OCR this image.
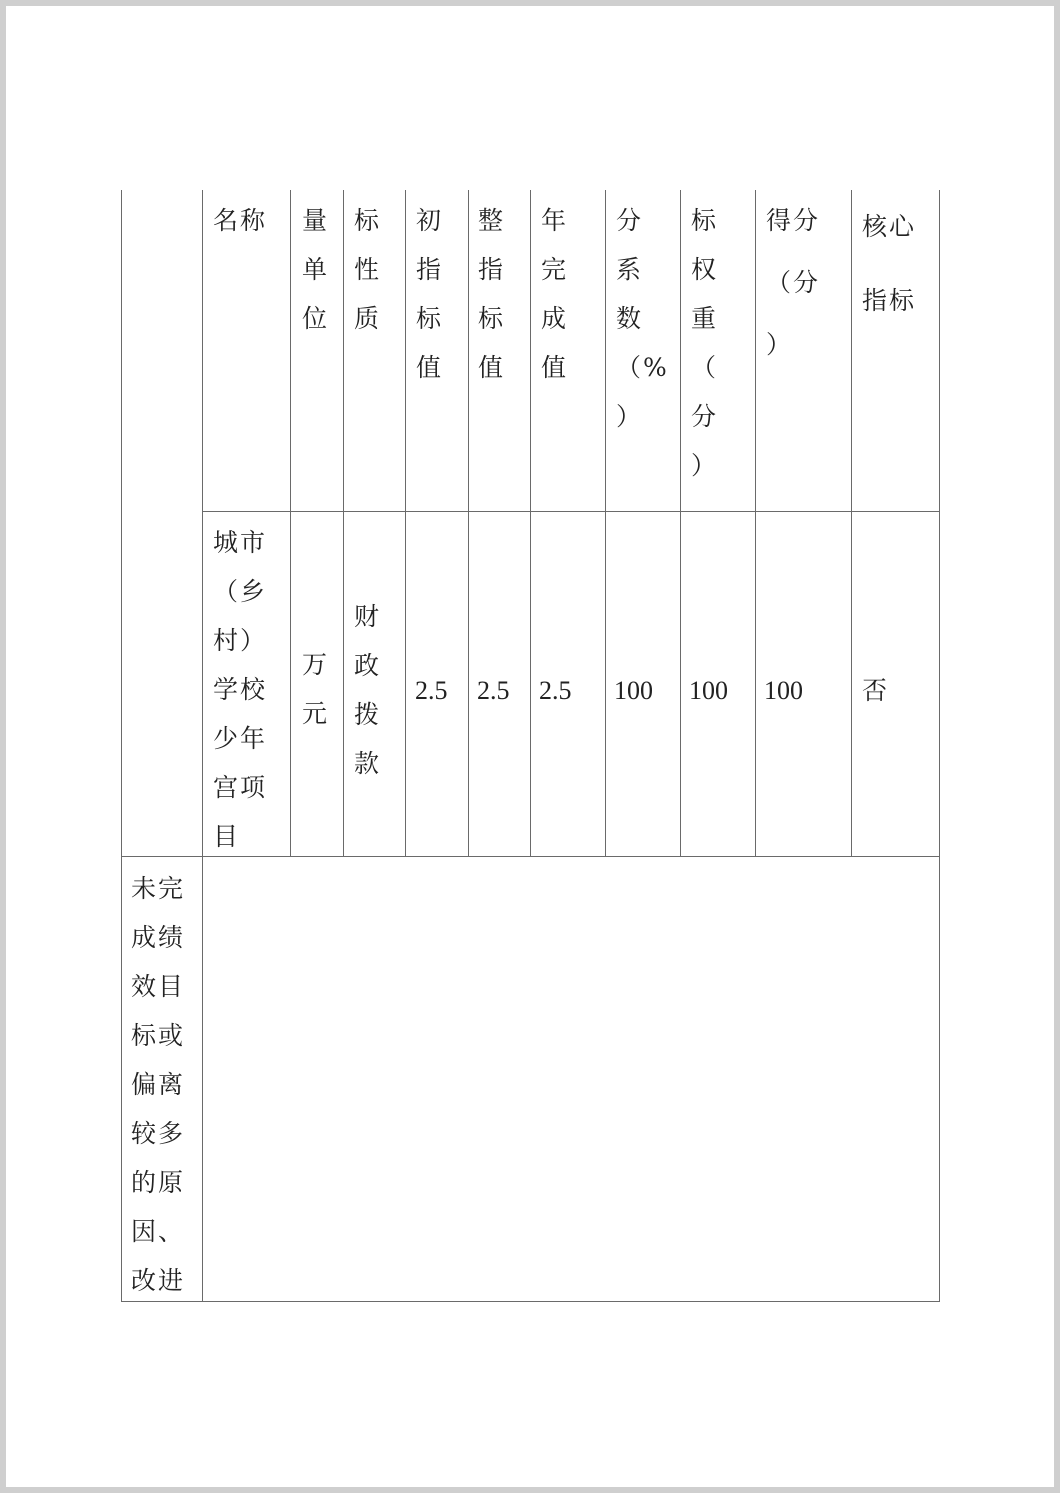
名称 量
单
位
标
性
质
初
指
标
值
整
指
标
值
年
完
成
值
分
系
数
（%
）
标
权
重
（
分
）
得分
（分
）
核心
指标
城市
（乡
村）
学校
少年
宫项
目
万
元
财
政
拨
款
2.5 2.5 2.5 100 100 100 否
未完
成绩
效目
标或
偏离
较多
的原
因、
改进
